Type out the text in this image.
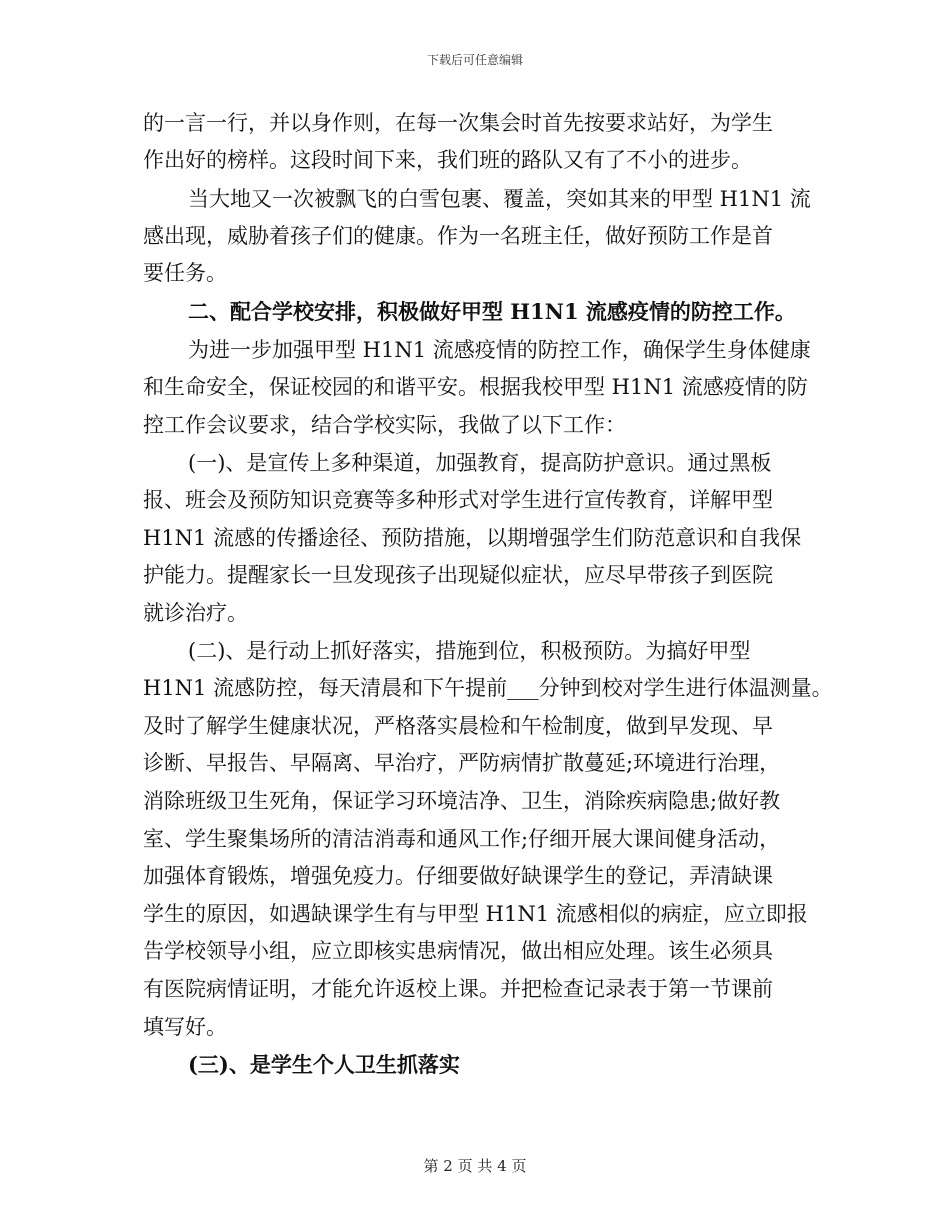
下载后可任意编辑
的一言一行，并以身作则，在每一次集会时首先按要求站好，为学生
作出好的榜样。这段时间下来，我们班的路队又有了不小的进步。
当大地又一次被飘飞的白雪包裹、覆盖，突如其来的甲型 H1N1 流
感出现，威胁着孩子们的健康。作为一名班主任，做好预防工作是首
要任务。
二、配合学校安排，积极做好甲型 H1N1 流感疫情的防控工作。
为进一步加强甲型 H1N1 流感疫情的防控工作，确保学生身体健康
和生命安全，保证校园的和谐平安。根据我校甲型 H1N1 流感疫情的防
控工作会议要求，结合学校实际，我做了以下工作：
(一)、是宣传上多种渠道，加强教育，提高防护意识。通过黑板
报、班会及预防知识竞赛等多种形式对学生进行宣传教育，详解甲型
H1N1 流感的传播途径、预防措施，以期增强学生们防范意识和自我保
护能力。提醒家长一旦发现孩子出现疑似症状，应尽早带孩子到医院
就诊治疗。
(二)、是行动上抓好落实，措施到位，积极预防。为搞好甲型
H1N1 流感防控，每天清晨和下午提前___分钟到校对学生进行体温测量。
及时了解学生健康状况，严格落实晨检和午检制度，做到早发现、早
诊断、早报告、早隔离、早治疗，严防病情扩散蔓延;环境进行治理，
消除班级卫生死角，保证学习环境洁净、卫生，消除疾病隐患;做好教
室、学生聚集场所的清洁消毒和通风工作;仔细开展大课间健身活动，
加强体育锻炼，增强免疫力。仔细要做好缺课学生的登记，弄清缺课
学生的原因，如遇缺课学生有与甲型 H1N1 流感相似的病症，应立即报
告学校领导小组，应立即核实患病情况，做出相应处理。该生必须具
有医院病情证明，才能允许返校上课。并把检查记录表于第一节课前
填写好。
(三)、是学生个人卫生抓落实
第 2 页 共 4 页
